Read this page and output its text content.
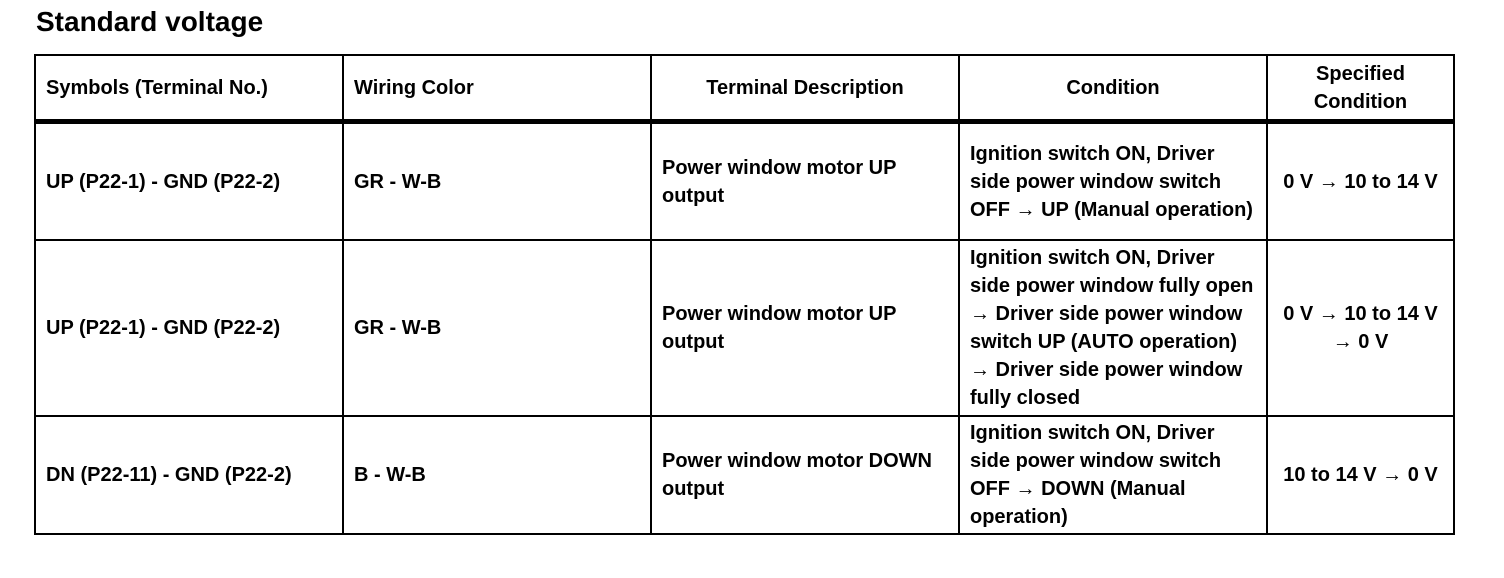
Standard voltage
Symbols (Terminal No.)	Wiring Color	Terminal Description	Condition	Specified Condition
UP (P22-1) - GND (P22-2)	GR - W-B	Power window motor UP output	Ignition switch ON, Driver side power window switch OFF → UP (Manual operation)	0 V → 10 to 14 V
UP (P22-1) - GND (P22-2)	GR - W-B	Power window motor UP output	Ignition switch ON, Driver side power window fully open → Driver side power window switch UP (AUTO operation) → Driver side power window fully closed	0 V → 10 to 14 V → 0 V
DN (P22-11) - GND (P22-2)	B - W-B	Power window motor DOWN output	Ignition switch ON, Driver side power window switch OFF → DOWN (Manual operation)	10 to 14 V → 0 V
